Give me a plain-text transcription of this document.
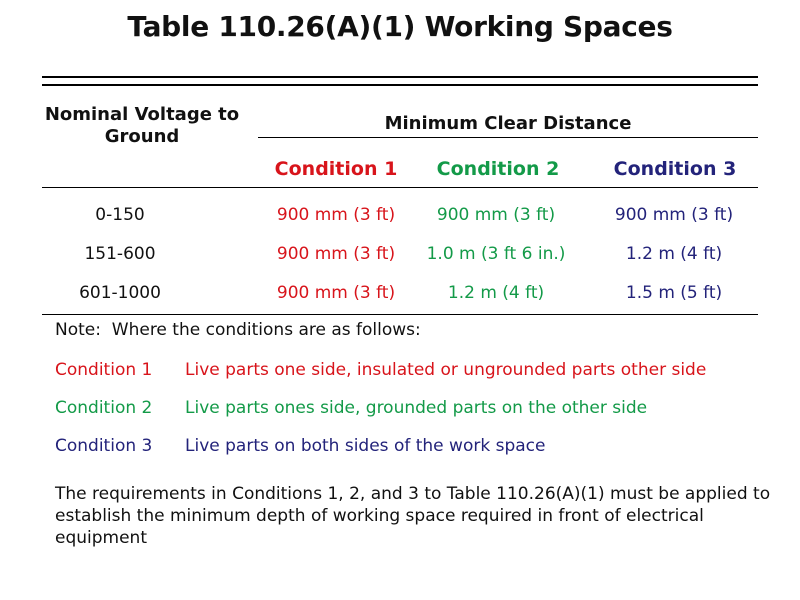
Table 110.26(A)(1) Working Spaces
Nominal Voltage to Ground
Minimum Clear Distance
Condition 1	Condition 2	Condition 3
0-150	900 mm (3 ft)	900 mm (3 ft)	900 mm (3 ft)
151-600	900 mm (3 ft)	1.0 m (3 ft 6 in.)	1.2 m (4 ft)
601-1000	900 mm (3 ft)	1.2 m (4 ft)	1.5 m (5 ft)
Note:  Where the conditions are as follows:
Condition 1 Live parts one side, insulated or ungrounded parts other side
Condition 2 Live parts ones side, grounded parts on the other side
Condition 3 Live parts on both sides of the work space
The requirements in Conditions 1, 2, and 3 to Table 110.26(A)(1) must be applied to establish the minimum depth of working space required in front of electrical equipment
